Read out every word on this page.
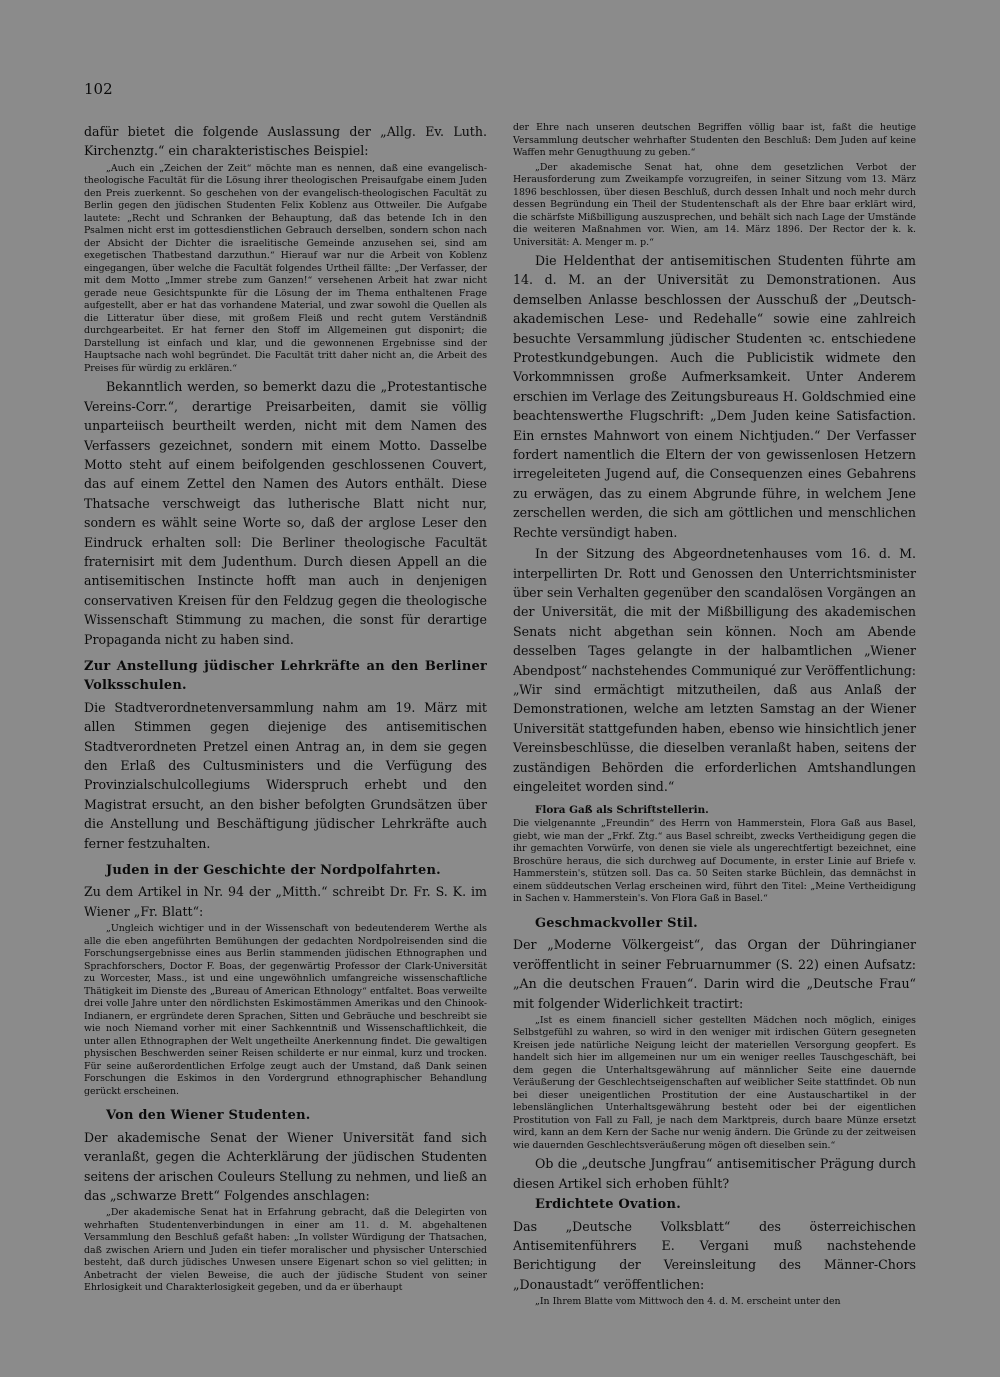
102

dafür bietet die folgende Auslassung der „Allg. Ev. Luth. Kirchenztg.“ ein charakteristisches Beispiel:

„Auch ein „Zeichen der Zeit“ möchte man es nennen, daß eine evangelisch-theologische Facultät für die Lösung ihrer theologischen Preisaufgabe einem Juden den Preis zuerkennt. So geschehen von der evangelisch-theologischen Facultät zu Berlin gegen den jüdischen Studenten Felix Koblenz aus Ottweiler. Die Aufgabe lautete: „Recht und Schranken der Behauptung, daß das betende Ich in den Psalmen nicht erst im gottesdienstlichen Gebrauch derselben, sondern schon nach der Absicht der Dichter die israelitische Gemeinde anzusehen sei, sind am exegetischen Thatbestand darzuthun.“ Hierauf war nur die Arbeit von Koblenz eingegangen, über welche die Facultät folgendes Urtheil fällte: „Der Verfasser, der mit dem Motto „Immer strebe zum Ganzen!“ versehenen Arbeit hat zwar nicht gerade neue Gesichtspunkte für die Lösung der im Thema enthaltenen Frage aufgestellt, aber er hat das vorhandene Material, und zwar sowohl die Quellen als die Litteratur über diese, mit großem Fleiß und recht gutem Verständniß durchgearbeitet. Er hat ferner den Stoff im Allgemeinen gut disponirt; die Darstellung ist einfach und klar, und die gewonnenen Ergebnisse sind der Hauptsache nach wohl begründet. Die Facultät tritt daher nicht an, die Arbeit des Preises für würdig zu erklären.“

Bekanntlich werden, so bemerkt dazu die „Protestantische Vereins-Corr.“, derartige Preisarbeiten, damit sie völlig unparteiisch beurtheilt werden, nicht mit dem Namen des Verfassers gezeichnet, sondern mit einem Motto. Dasselbe Motto steht auf einem beifolgenden geschlossenen Couvert, das auf einem Zettel den Namen des Autors enthält. Diese Thatsache verschweigt das lutherische Blatt nicht nur, sondern es wählt seine Worte so, daß der arglose Leser den Eindruck erhalten soll: Die Berliner theologische Facultät fraternisirt mit dem Judenthum. Durch diesen Appell an die antisemitischen Instincte hofft man auch in denjenigen conservativen Kreisen für den Feldzug gegen die theologische Wissenschaft Stimmung zu machen, die sonst für derartige Propaganda nicht zu haben sind.

Zur Anstellung jüdischer Lehrkräfte an den Berliner Volksschulen.

Die Stadtverordnetenversammlung nahm am 19. März mit allen Stimmen gegen diejenige des antisemitischen Stadtverordneten Pretzel einen Antrag an, in dem sie gegen den Erlaß des Cultusministers und die Verfügung des Provinzialschulcollegiums Widerspruch erhebt und den Magistrat ersucht, an den bisher befolgten Grundsätzen über die Anstellung und Beschäftigung jüdischer Lehrkräfte auch ferner festzuhalten.

Juden in der Geschichte der Nordpolfahrten.

Zu dem Artikel in Nr. 94 der „Mitth.“ schreibt Dr. Fr. S. K. im Wiener „Fr. Blatt“:

„Ungleich wichtiger und in der Wissenschaft von bedeutenderem Werthe als alle die eben angeführten Bemühungen der gedachten Nordpolreisenden sind die Forschungsergebnisse eines aus Berlin stammenden jüdischen Ethnographen und Sprachforschers, Doctor F. Boas, der gegenwärtig Professor der Clark-Universität zu Worcester, Mass., ist und eine ungewöhnlich umfangreiche wissenschaftliche Thätigkeit im Dienste des „Bureau of American Ethnology“ entfaltet. Boas verweilte drei volle Jahre unter den nördlichsten Eskimostämmen Amerikas und den Chinook-Indianern, er ergründete deren Sprachen, Sitten und Gebräuche und beschreibt sie wie noch Niemand vorher mit einer Sachkenntniß und Wissenschaftlichkeit, die unter allen Ethnographen der Welt ungetheilte Anerkennung findet. Die gewaltigen physischen Beschwerden seiner Reisen schilderte er nur einmal, kurz und trocken. Für seine außerordentlichen Erfolge zeugt auch der Umstand, daß Dank seinen Forschungen die Eskimos in den Vordergrund ethnographischer Behandlung gerückt erscheinen.

Von den Wiener Studenten.

Der akademische Senat der Wiener Universität fand sich veranlaßt, gegen die Achterklärung der jüdischen Studenten seitens der arischen Couleurs Stellung zu nehmen, und ließ an das „schwarze Brett“ Folgendes anschlagen:

„Der akademische Senat hat in Erfahrung gebracht, daß die Delegirten von wehrhaften Studentenverbindungen in einer am 11. d. M. abgehaltenen Versammlung den Beschluß gefaßt haben: „In vollster Würdigung der Thatsachen, daß zwischen Ariern und Juden ein tiefer moralischer und physischer Unterschied besteht, daß durch jüdisches Unwesen unsere Eigenart schon so viel gelitten; in Anbetracht der vielen Beweise, die auch der jüdische Student von seiner Ehrlosigkeit und Charakterlosigkeit gegeben, und da er überhaupt

der Ehre nach unseren deutschen Begriffen völlig baar ist, faßt die heutige Versammlung deutscher wehrhafter Studenten den Beschluß: Dem Juden auf keine Waffen mehr Genugthuung zu geben.“

„Der akademische Senat hat, ohne dem gesetzlichen Verbot der Herausforderung zum Zweikampfe vorzugreifen, in seiner Sitzung vom 13. März 1896 beschlossen, über diesen Beschluß, durch dessen Inhalt und noch mehr durch dessen Begründung ein Theil der Studentenschaft als der Ehre baar erklärt wird, die schärfste Mißbilligung auszusprechen, und behält sich nach Lage der Umstände die weiteren Maßnahmen vor. Wien, am 14. März 1896. Der Rector der k. k. Universität: A. Menger m. p.“

Die Heldenthat der antisemitischen Studenten führte am 14. d. M. an der Universität zu Demonstrationen. Aus demselben Anlasse beschlossen der Ausschuß der „Deutsch-akademischen Lese- und Redehalle“ sowie eine zahlreich besuchte Versammlung jüdischer Studenten ꝛc. entschiedene Protestkundgebungen. Auch die Publicistik widmete den Vorkommnissen große Aufmerksamkeit. Unter Anderem erschien im Verlage des Zeitungsbureaus H. Goldschmied eine beachtenswerthe Flugschrift: „Dem Juden keine Satisfaction. Ein ernstes Mahnwort von einem Nichtjuden.“ Der Verfasser fordert namentlich die Eltern der von gewissenlosen Hetzern irregeleiteten Jugend auf, die Consequenzen eines Gebahrens zu erwägen, das zu einem Abgrunde führe, in welchem Jene zerschellen werden, die sich am göttlichen und menschlichen Rechte versündigt haben.

In der Sitzung des Abgeordnetenhauses vom 16. d. M. interpellirten Dr. Rott und Genossen den Unterrichtsminister über sein Verhalten gegenüber den scandalösen Vorgängen an der Universität, die mit der Mißbilligung des akademischen Senats nicht abgethan sein können. Noch am Abende desselben Tages gelangte in der halbamtlichen „Wiener Abendpost“ nachstehendes Communiqué zur Veröffentlichung: „Wir sind ermächtigt mitzutheilen, daß aus Anlaß der Demonstrationen, welche am letzten Samstag an der Wiener Universität stattgefunden haben, ebenso wie hinsichtlich jener Vereinsbeschlüsse, die dieselben veranlaßt haben, seitens der zuständigen Behörden die erforderlichen Amtshandlungen eingeleitet worden sind.“

Flora Gaß als Schriftstellerin.

Die vielgenannte „Freundin“ des Herrn von Hammerstein, Flora Gaß aus Basel, giebt, wie man der „Frkf. Ztg.“ aus Basel schreibt, zwecks Vertheidigung gegen die ihr gemachten Vorwürfe, von denen sie viele als ungerechtfertigt bezeichnet, eine Broschüre heraus, die sich durchweg auf Documente, in erster Linie auf Briefe v. Hammerstein's, stützen soll. Das ca. 50 Seiten starke Büchlein, das demnächst in einem süddeutschen Verlag erscheinen wird, führt den Titel: „Meine Vertheidigung in Sachen v. Hammerstein's. Von Flora Gaß in Basel.“

Geschmackvoller Stil.

Der „Moderne Völkergeist“, das Organ der Dühringianer veröffentlicht in seiner Februarnummer (S. 22) einen Aufsatz: „An die deutschen Frauen“. Darin wird die „Deutsche Frau“ mit folgender Widerlichkeit tractirt:

„Ist es einem financiell sicher gestellten Mädchen noch möglich, einiges Selbstgefühl zu wahren, so wird in den weniger mit irdischen Gütern gesegneten Kreisen jede natürliche Neigung leicht der materiellen Versorgung geopfert. Es handelt sich hier im allgemeinen nur um ein weniger reelles Tauschgeschäft, bei dem gegen die Unterhaltsgewährung auf männlicher Seite eine dauernde Veräußerung der Geschlechtseigenschaften auf weiblicher Seite stattfindet. Ob nun bei dieser uneigentlichen Prostitution der eine Austauschartikel in der lebenslänglichen Unterhaltsgewährung besteht oder bei der eigentlichen Prostitution von Fall zu Fall, je nach dem Marktpreis, durch baare Münze ersetzt wird, kann an dem Kern der Sache nur wenig ändern. Die Gründe zu der zeitweisen wie dauernden Geschlechtsveräußerung mögen oft dieselben sein.“

Ob die „deutsche Jungfrau“ antisemitischer Prägung durch diesen Artikel sich erhoben fühlt?

Erdichtete Ovation.

Das „Deutsche Volksblatt“ des österreichischen Antisemitenführers E. Vergani muß nachstehende Berichtigung der Vereinsleitung des Männer-Chors „Donaustadt“ veröffentlichen:

„In Ihrem Blatte vom Mittwoch den 4. d. M. erscheint unter den
